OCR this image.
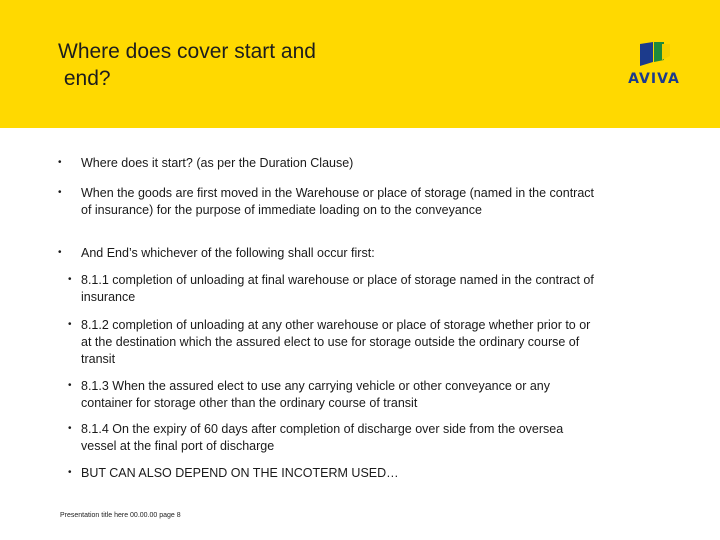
Where does cover start and
end?	AVIVA
• Where does it start? (as per the Duration Clause)
• When the goods are first moved in the Warehouse or place of storage (named in the contract of insurance) for the purpose of immediate loading on to the conveyance
• And End’s whichever of the following shall occur first:
• 8.1.1 completion of unloading at final warehouse or place of storage named in the contract of insurance
• 8.1.2 completion of unloading at any other warehouse or place of storage whether prior to or at the destination which the assured elect to use for storage outside the ordinary course of transit
• 8.1.3 When the assured elect to use any carrying vehicle or other conveyance or any container for storage other than the ordinary course of transit
• 8.1.4 On the expiry of 60 days after completion of discharge over side from the oversea vessel at the final port of discharge
• BUT CAN ALSO DEPEND ON THE INCOTERM USED…
Presentation title here 00.00.00 page 8
